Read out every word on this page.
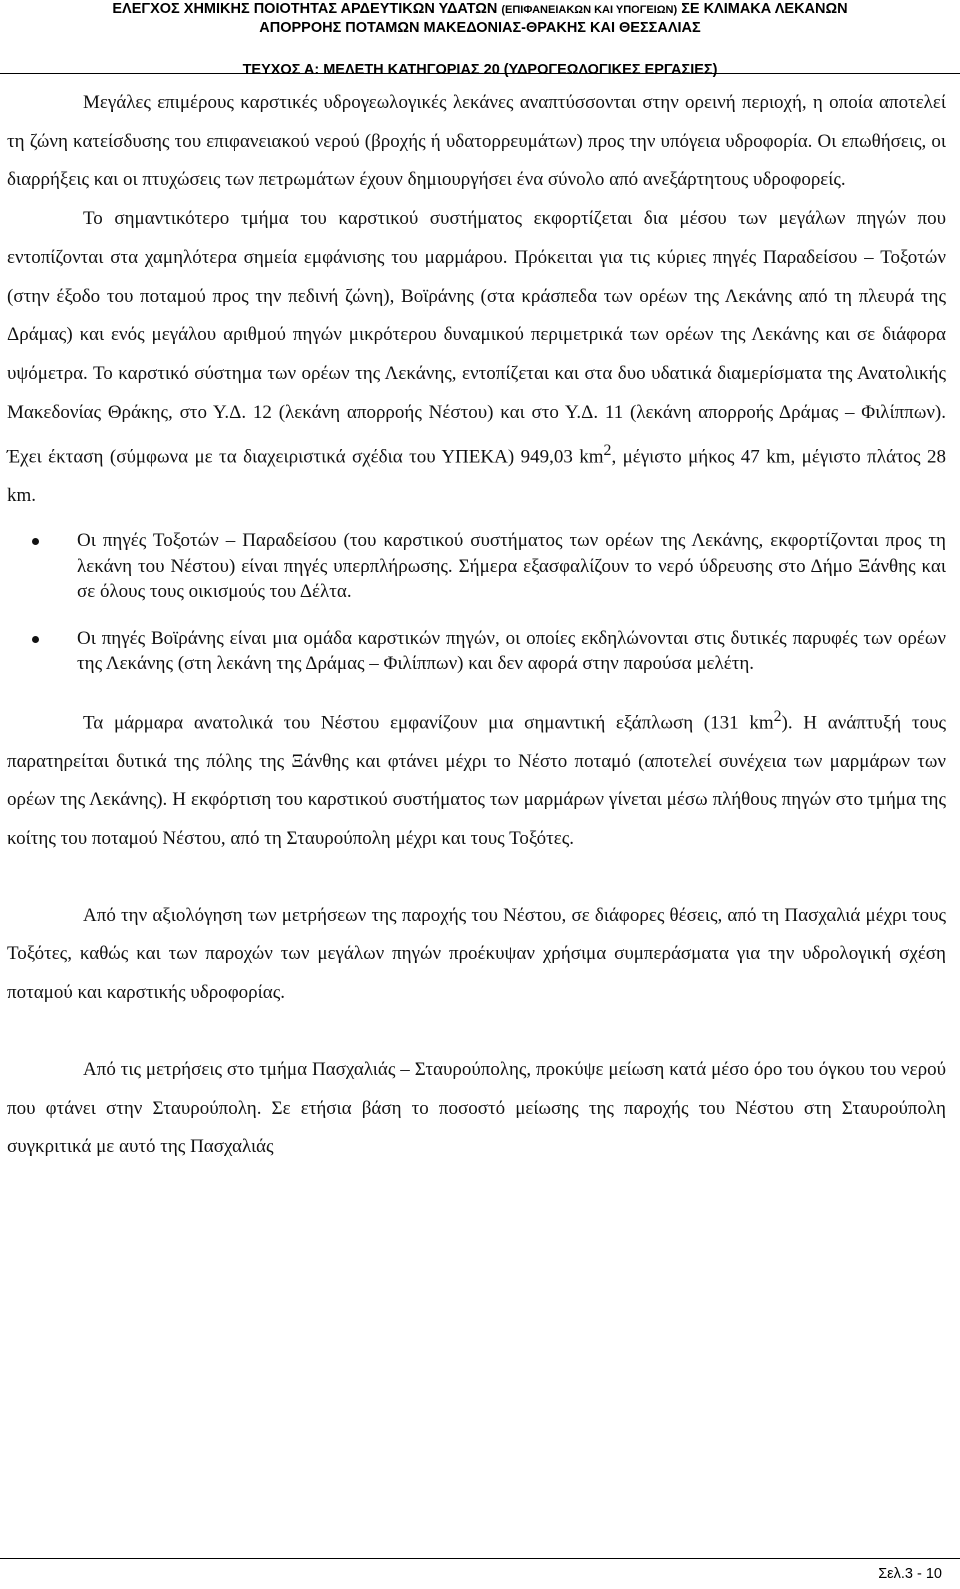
ΕΛΕΓΧΟΣ ΧΗΜΙΚΗΣ ΠΟΙΟΤΗΤΑΣ ΑΡΔΕΥΤΙΚΩΝ ΥΔΑΤΩΝ (ΕΠΙΦΑΝΕΙΑΚΩΝ ΚΑΙ ΥΠΟΓΕΙΩΝ) ΣΕ ΚΛΙΜΑΚΑ ΛΕΚΑΝΩΝ
ΑΠΟΡΡΟΗΣ ΠΟΤΑΜΩΝ ΜΑΚΕΔΟΝΙΑΣ-ΘΡΑΚΗΣ ΚΑΙ ΘΕΣΣΑΛΙΑΣ
ΤΕΥΧΟΣ Α: ΜΕΛΕΤΗ ΚΑΤΗΓΟΡΙΑΣ 20 (ΥΔΡΟΓΕΩΛΟΓΙΚΕΣ ΕΡΓΑΣΙΕΣ)

Μεγάλες επιμέρους καρστικές υδρογεωλογικές λεκάνες αναπτύσσονται στην ορεινή περιοχή, η οποία αποτελεί τη ζώνη κατείσδυσης του επιφανειακού νερού (βροχής ή υδατορρευμάτων) προς την υπόγεια υδροφορία. Οι επωθήσεις, οι διαρρήξεις και οι πτυχώσεις των πετρωμάτων έχουν δημιουργήσει ένα σύνολο από ανεξάρτητους υδροφορείς.

Το σημαντικότερο τμήμα του καρστικού συστήματος εκφορτίζεται δια μέσου των μεγάλων πηγών που εντοπίζονται στα χαμηλότερα σημεία εμφάνισης του μαρμάρου. Πρόκειται για τις κύριες πηγές Παραδείσου – Τοξοτών (στην έξοδο του ποταμού προς την πεδινή ζώνη), Βοϊράνης (στα κράσπεδα των ορέων της Λεκάνης από τη πλευρά της Δράμας) και ενός μεγάλου αριθμού πηγών μικρότερου δυναμικού περιμετρικά των ορέων της Λεκάνης και σε διάφορα υψόμετρα. Το καρστικό σύστημα των ορέων της Λεκάνης, εντοπίζεται και στα δυο υδατικά διαμερίσματα της Ανατολικής Μακεδονίας Θράκης, στο Υ.Δ. 12 (λεκάνη απορροής Νέστου) και στο Υ.Δ. 11 (λεκάνη απορροής Δράμας – Φιλίππων). Έχει έκταση (σύμφωνα με τα διαχειριστικά σχέδια του ΥΠΕΚΑ) 949,03 $km^2$, μέγιστο μήκος 47 km, μέγιστο πλάτος 28 km.

Οι πηγές Τοξοτών – Παραδείσου (του καρστικού συστήματος των ορέων της Λεκάνης, εκφορτίζονται προς τη λεκάνη του Νέστου) είναι πηγές υπερπλήρωσης. Σήμερα εξασφαλίζουν το νερό ύδρευσης στο Δήμο Ξάνθης και σε όλους τους οικισμούς του Δέλτα.
Οι πηγές Βοϊράνης είναι μια ομάδα καρστικών πηγών, οι οποίες εκδηλώνονται στις δυτικές παρυφές των ορέων της Λεκάνης (στη λεκάνη της Δράμας – Φιλίππων) και δεν αφορά στην παρούσα μελέτη.

Τα μάρμαρα ανατολικά του Νέστου εμφανίζουν μια σημαντική εξάπλωση (131 $km^2$). Η ανάπτυξή τους παρατηρείται δυτικά της πόλης της Ξάνθης και φτάνει μέχρι το Νέστο ποταμό (αποτελεί συνέχεια των μαρμάρων των ορέων της Λεκάνης). Η εκφόρτιση του καρστικού συστήματος των μαρμάρων γίνεται μέσω πλήθους πηγών στο τμήμα της κοίτης του ποταμού Νέστου, από τη Σταυρούπολη μέχρι και τους Τοξότες.

Από την αξιολόγηση των μετρήσεων της παροχής του Νέστου, σε διάφορες θέσεις, από τη Πασχαλιά μέχρι τους Τοξότες, καθώς και των παροχών των μεγάλων πηγών προέκυψαν χρήσιμα συμπεράσματα για την υδρολογική σχέση ποταμού και καρστικής υδροφορίας.

Από τις μετρήσεις στο τμήμα Πασχαλιάς – Σταυρούπολης, προκύψε μείωση κατά μέσο όρο του όγκου του νερού που φτάνει στην Σταυρούπολη. Σε ετήσια βάση το ποσοστό μείωσης της παροχής του Νέστου στη Σταυρούπολη συγκριτικά με αυτό της Πασχαλιάς

Σελ.3 - 10
